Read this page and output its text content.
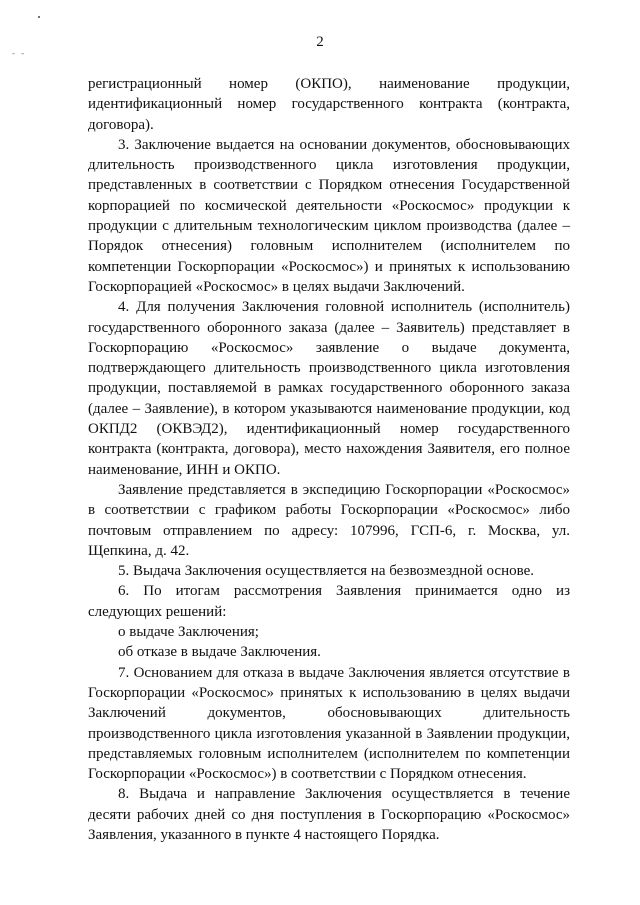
- -
2

регистрационный номер (ОКПО), наименование продукции, идентификационный номер государственного контракта (контракта, договора).

3. Заключение выдается на основании документов, обосновывающих длительность производственного цикла изготовления продукции, представленных в соответствии с Порядком отнесения Государственной корпорацией по космической деятельности «Роскосмос» продукции к продукции с длительным технологическим циклом производства (далее – Порядок отнесения) головным исполнителем (исполнителем по компетенции Госкорпорации «Роскосмос») и принятых к использованию Госкорпорацией «Роскосмос» в целях выдачи Заключений.

4. Для получения Заключения головной исполнитель (исполнитель) государственного оборонного заказа (далее – Заявитель) представляет в Госкорпорацию «Роскосмос» заявление о выдаче документа, подтверждающего длительность производственного цикла изготовления продукции, поставляемой в рамках государственного оборонного заказа (далее – Заявление), в котором указываются наименование продукции, код ОКПД2 (ОКВЭД2), идентификационный номер государственного контракта (контракта, договора), место нахождения Заявителя, его полное наименование, ИНН и ОКПО.

Заявление представляется в экспедицию Госкорпорации «Роскосмос» в соответствии с графиком работы Госкорпорации «Роскосмос» либо почтовым отправлением по адресу: 107996, ГСП-6, г. Москва, ул. Щепкина, д. 42.

5. Выдача Заключения осуществляется на безвозмездной основе.

6. По итогам рассмотрения Заявления принимается одно из следующих решений:

о выдаче Заключения;

об отказе в выдаче Заключения.

7. Основанием для отказа в выдаче Заключения является отсутствие в Госкорпорации «Роскосмос» принятых к использованию в целях выдачи Заключений документов, обосновывающих длительность производственного цикла изготовления указанной в Заявлении продукции, представляемых головным исполнителем (исполнителем по компетенции Госкорпорации «Роскосмос») в соответствии с Порядком отнесения.

8. Выдача и направление Заключения осуществляется в течение десяти рабочих дней со дня поступления в Госкорпорацию «Роскосмос» Заявления, указанного в пункте 4 настоящего Порядка.
